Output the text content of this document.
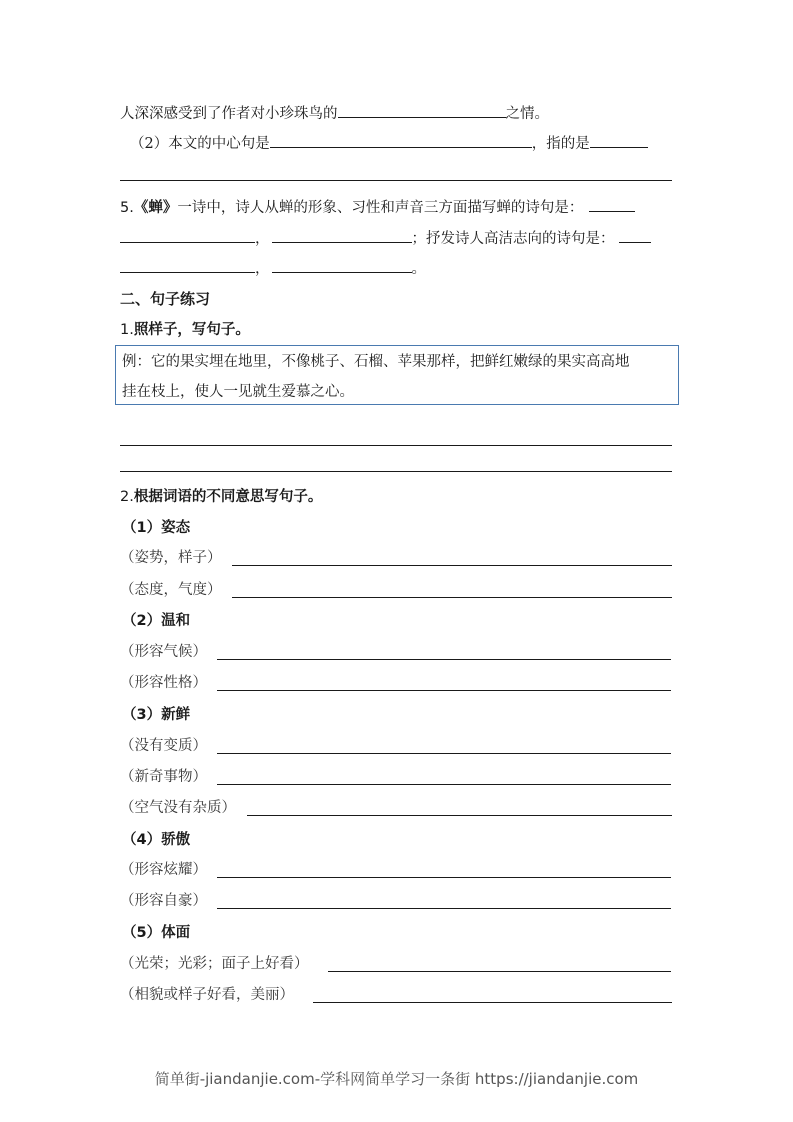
人深深感受到了作者对小珍珠鸟的	之情。
（2）本文的中心句是	，指的是
5.《蝉》一诗中，诗人从蝉的形象、习性和声音三方面描写蝉的诗句是：
，	；抒发诗人高洁志向的诗句是：
，	。
二、句子练习
1.照样子，写句子。
例：它的果实埋在地里，不像桃子、石榴、苹果那样，把鲜红嫩绿的果实高高地
挂在枝上，使人一见就生爱慕之心。
2.根据词语的不同意思写句子。
（1）姿态
（姿势，样子）
（态度，气度）
（2）温和
（形容气候）
（形容性格）
（3）新鲜
（没有变质）
（新奇事物）
（空气没有杂质）
（4）骄傲
（形容炫耀）
（形容自豪）
（5）体面
（光荣；光彩；面子上好看）
（相貌或样子好看，美丽）
简单街-jiandanjie.com-学科网简单学习一条街 https://jiandanjie.com
